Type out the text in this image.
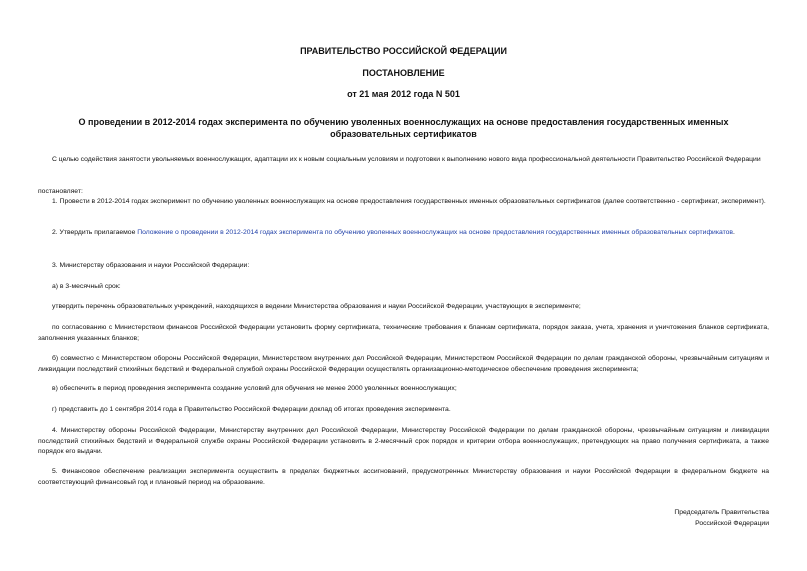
ПРАВИТЕЛЬСТВО РОССИЙСКОЙ ФЕДЕРАЦИИ
ПОСТАНОВЛЕНИЕ
от 21 мая 2012 года N 501
О проведении в 2012-2014 годах эксперимента по обучению уволенных военнослужащих на основе предоставления государственных именных образовательных сертификатов
С целью содействия занятости увольняемых военнослужащих, адаптации их к новым социальным условиям и подготовки к выполнению нового вида профессиональной деятельности Правительство Российской Федерации
постановляет:
1. Провести в 2012-2014 годах эксперимент по обучению уволенных военнослужащих на основе предоставления государственных именных образовательных сертификатов (далее соответственно - сертификат, эксперимент).
2. Утвердить прилагаемое Положение о проведении в 2012-2014 годах эксперимента по обучению уволенных военнослужащих на основе предоставления государственных именных образовательных сертификатов.
3. Министерству образования и науки Российской Федерации:
а) в 3-месячный срок:
утвердить перечень образовательных учреждений, находящихся в ведении Министерства образования и науки Российской Федерации, участвующих в эксперименте;
по согласованию с Министерством финансов Российской Федерации установить форму сертификата, технические требования к бланкам сертификата, порядок заказа, учета, хранения и уничтожения бланков сертификата, заполнения указанных бланков;
б) совместно с Министерством обороны Российской Федерации, Министерством внутренних дел Российской Федерации, Министерством Российской Федерации по делам гражданской обороны, чрезвычайным ситуациям и ликвидации последствий стихийных бедствий и Федеральной службой охраны Российской Федерации осуществлять организационно-методическое обеспечение проведения эксперимента;
в) обеспечить в период проведения эксперимента создание условий для обучения не менее 2000 уволенных военнослужащих;
г) представить до 1 сентября 2014 года в Правительство Российской Федерации доклад об итогах проведения эксперимента.
4. Министерству обороны Российской Федерации, Министерству внутренних дел Российской Федерации, Министерству Российской Федерации по делам гражданской обороны, чрезвычайным ситуациям и ликвидации последствий стихийных бедствий и Федеральной службе охраны Российской Федерации установить в 2-месячный срок порядок и критерии отбора военнослужащих, претендующих на право получения сертификата, а также порядок его выдачи.
5. Финансовое обеспечение реализации эксперимента осуществить в пределах бюджетных ассигнований, предусмотренных Министерству образования и науки Российской Федерации в федеральном бюджете на соответствующий финансовый год и плановый период на образование.
Председатель Правительства
Российской Федерации
